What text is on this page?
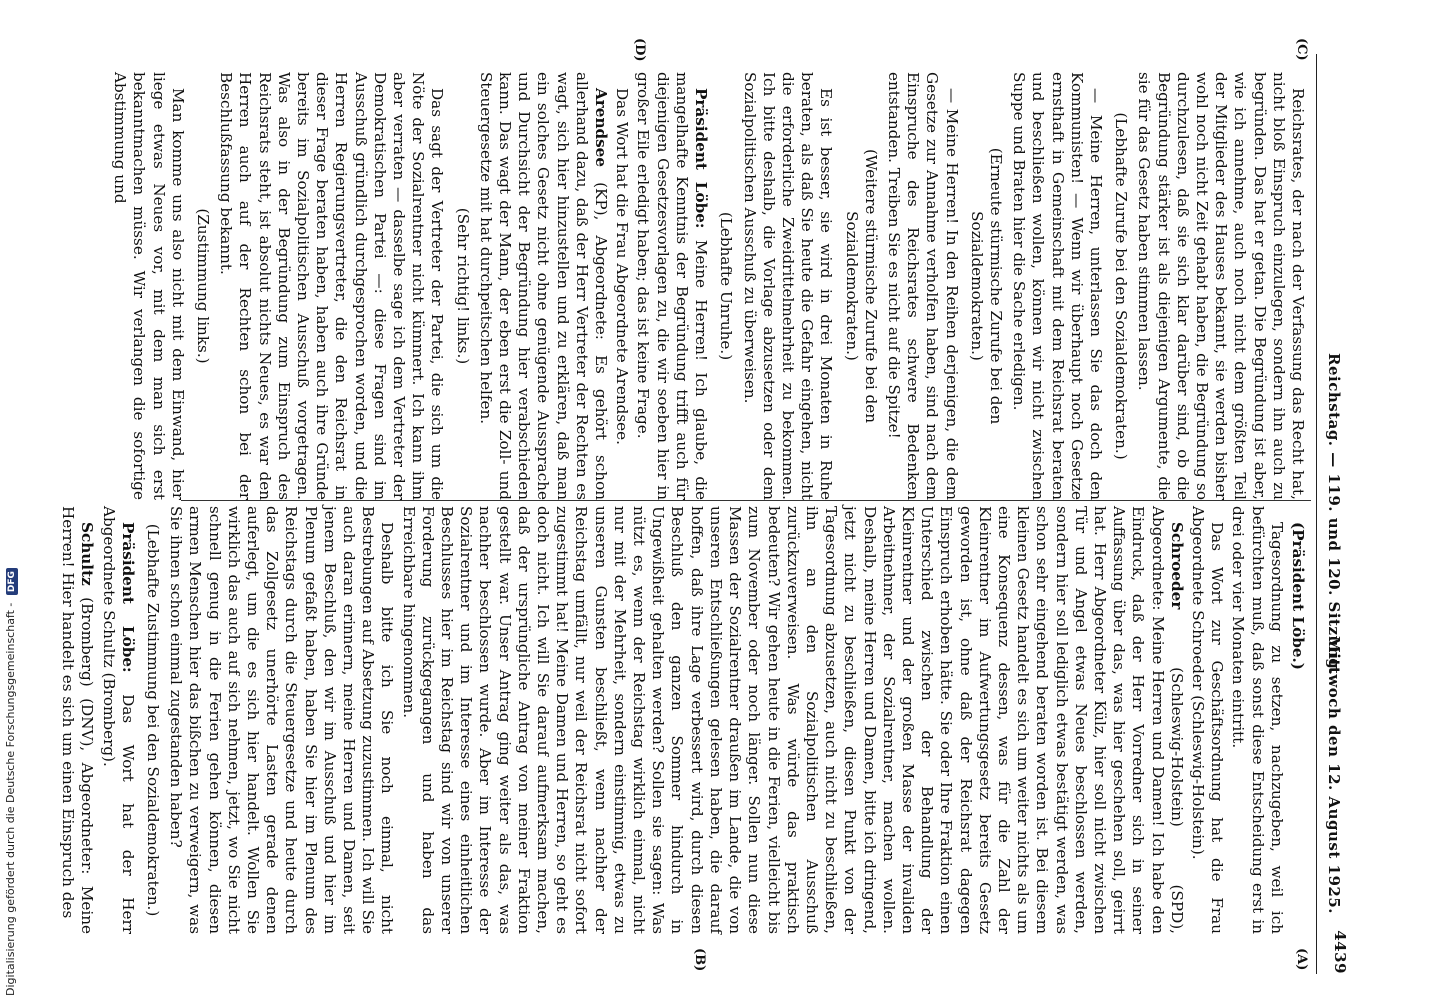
Reichstag. — 119. und 120. Sitzung.
Mittwoch den 12. August 1925.
4439
(A)
(B)
(C)
(D)

(Präsident Löbe.)

Tagesordnung zu setzen, nachzugeben, weil ich befürchten muß, daß sonst diese Entscheidung erst in drei oder vier Monaten eintritt.

Das Wort zur Geschäftsordnung hat die Frau Abgeordnete Schroeder (Schleswig-Holstein).

Schroeder (Schleswig-Holstein) (SPD), Abgeordnete: Meine Herren und Damen! Ich habe den Eindruck, daß der Herr Vorredner sich in seiner Auffassung über das, was hier geschehen soll, geirrt hat. Herr Abgeordneter Külz, hier soll nicht zwischen Tür und Angel etwas Neues beschlossen werden, sondern hier soll lediglich etwas bestätigt werden, was schon sehr eingehend beraten worden ist. Bei diesem kleinen Gesetz handelt es sich um weiter nichts als um eine Konsequenz dessen, was für die Zahl der Kleinrentner im Aufwertungsgesetz bereits Gesetz geworden ist, ohne daß der Reichsrat dagegen Einspruch erhoben hätte. Sie oder Ihre Fraktion einen Unterschied zwischen der Behandlung der Kleinrentner und der großen Masse der invaliden Arbeitnehmer, der Sozialrentner, machen wollen. Deshalb, meine Herren und Damen, bitte ich dringend, jetzt nicht zu beschließen, diesen Punkt von der Tagesordnung abzusetzen, auch nicht zu beschließen, ihn an den Sozialpolitischen Ausschuß zurückzuverweisen. Was würde das praktisch bedeuten? Wir gehen heute in die Ferien, vielleicht bis zum November oder noch länger. Sollen nun diese Massen der Sozialrentner draußen im Lande, die von unseren Entschließungen gelesen haben, die darauf hoffen, daß ihre Lage verbessert wird, durch diesen Beschluß den ganzen Sommer hindurch in Ungewißheit gehalten werden? Sollen sie sagen: Was nützt es, wenn der Reichstag wirklich einmal, nicht nur mit der Mehrheit, sondern einstimmig, etwas zu unseren Gunsten beschließt, wenn nachher der Reichstag umfällt, nur weil der Reichsrat nicht sofort zugestimmt hat! Meine Damen und Herren, so geht es doch nicht. Ich will Sie darauf aufmerksam machen, daß der ursprüngliche Antrag von meiner Fraktion gestellt war. Unser Antrag ging weiter als das, was nachher beschlossen wurde. Aber im Interesse der Sozialrentner und im Interesse eines einheitlichen Beschlusses hier im Reichstag sind wir von unserer Forderung zurückgegangen und haben das Erreichbare hingenommen.

Deshalb bitte ich Sie noch einmal, nicht Bestrebungen auf Absetzung zuzustimmen. Ich will Sie auch daran erinnern, meine Herren und Damen, seit jenem Beschluß, den wir im Ausschuß und hier im Plenum gefaßt haben, haben Sie hier im Plenum des Reichstags durch die Steuergesetze und heute durch das Zollgesetz unerhörte Lasten gerade denen auferlegt, um die es sich hier handelt. Wollen Sie wirklich das auch auf sich nehmen, jetzt, wo Sie nicht schnell genug in die Ferien gehen können, diesen armen Menschen hier das bißchen zu verweigern, was Sie ihnen schon einmal zugestanden haben?

(Lebhafte Zustimmung bei den Sozialdemokraten.)

Präsident Löbe: Das Wort hat der Herr Abgeordnete Schultz (Bromberg).

Schultz (Bromberg) (DNV), Abgeordneter: Meine Herren! Hier handelt es sich um einen Einspruch des

Reichsrates, der nach der Verfassung das Recht hat, nicht bloß Einspruch einzulegen, sondern ihn auch zu begründen. Das hat er getan. Die Begründung ist aber, wie ich annehme, auch noch nicht dem größten Teil der Mitglieder des Hauses bekannt, sie werden bisher wohl noch nicht Zeit gehabt haben, die Begründung so durchzulesen, daß sie sich klar darüber sind, ob die Begründung stärker ist als diejenigen Argumente, die sie für das Gesetz haben stimmen lassen.

(Lebhafte Zurufe bei den Sozialdemokraten.)

— Meine Herren, unterlassen Sie das doch den Kommunisten! — Wenn wir überhaupt noch Gesetze ernsthaft in Gemeinschaft mit dem Reichsrat beraten und beschließen wollen, können wir nicht zwischen Suppe und Braten hier die Sache erledigen.

(Erneute stürmische Zurufe bei den Sozialdemokraten.)

— Meine Herren! In den Reihen derjenigen, die dem Gesetze zur Annahme verholfen haben, sind nach dem Einspruche des Reichsrates schwere Bedenken entstanden. Treiben Sie es nicht auf die Spitze!

(Weitere stürmische Zurufe bei den Sozialdemokraten.)

Es ist besser, sie wird in drei Monaten in Ruhe beraten, als daß Sie heute die Gefahr eingehen, nicht die erforderliche Zweidrittelmehrheit zu bekommen. Ich bitte deshalb, die Vorlage abzusetzen oder dem Sozialpolitischen Ausschuß zu überweisen.

(Lebhafte Unruhe.)

Präsident Löbe: Meine Herren! Ich glaube, die mangelhafte Kenntnis der Begründung trifft auch für diejenigen Gesetzesvorlagen zu, die wir soeben hier in großer Eile erledigt haben; das ist keine Frage.

Das Wort hat die Frau Abgeordnete Arendsee.

Arendsee (KP), Abgeordnete: Es gehört schon allerhand dazu, daß der Herr Vertreter der Rechten es wagt, sich hier hinzustellen und zu erklären, daß man ein solches Gesetz nicht ohne genügende Aussprache und Durchsicht der Begründung hier verabschieden kann. Das wagt der Mann, der eben erst die Zoll- und Steuergesetze mit hat durchpeitschen helfen.

(Sehr richtig! links.)

Das sagt der Vertreter der Partei, die sich um die Nöte der Sozialrentner nicht kümmert. Ich kann ihm aber verraten — dasselbe sage ich dem Vertreter der Demokratischen Partei —: diese Fragen sind im Ausschuß gründlich durchgesprochen worden, und die Herren Regierungsvertreter, die den Reichsrat in dieser Frage beraten haben, haben auch ihre Gründe bereits im Sozialpolitischen Ausschuß vorgetragen. Was also in der Begründung zum Einspruch des Reichsrats steht, ist absolut nichts Neues, es war den Herren auch auf der Rechten schon bei der Beschlußfassung bekannt.

(Zustimmung links.)

Man komme uns also nicht mit dem Einwand, hier liege etwas Neues vor, mit dem man sich erst bekanntmachen müsse. Wir verlangen die sofortige Abstimmung und

Digitalisierung gefördert durch die Deutsche Forschungsgemeinschaft - DFG
